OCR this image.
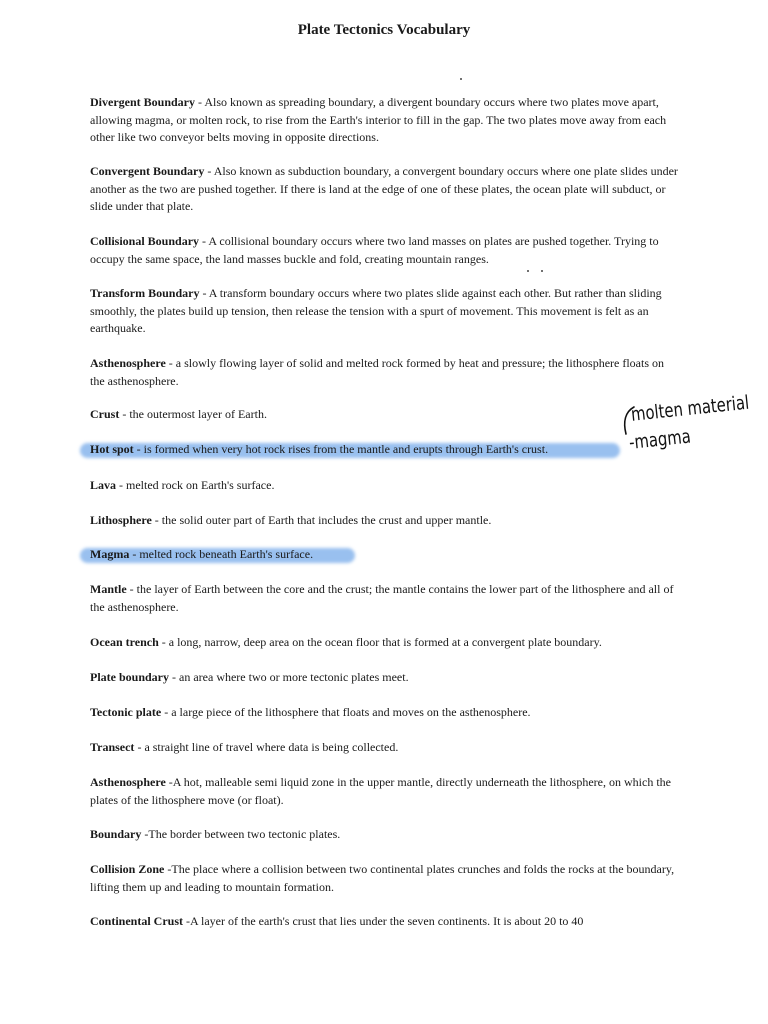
Plate Tectonics Vocabulary
Divergent Boundary - Also known as spreading boundary, a divergent boundary occurs where two plates move apart, allowing magma, or molten rock, to rise from the Earth's interior to fill in the gap. The two plates move away from each other like two conveyor belts moving in opposite directions.
Convergent Boundary - Also known as subduction boundary, a convergent boundary occurs where one plate slides under another as the two are pushed together. If there is land at the edge of one of these plates, the ocean plate will subduct, or slide under that plate.
Collisional Boundary - A collisional boundary occurs where two land masses on plates are pushed together. Trying to occupy the same space, the land masses buckle and fold, creating mountain ranges.
Transform Boundary - A transform boundary occurs where two plates slide against each other. But rather than sliding smoothly, the plates build up tension, then release the tension with a spurt of movement. This movement is felt as an earthquake.
Asthenosphere - a slowly flowing layer of solid and melted rock formed by heat and pressure; the lithosphere floats on the asthenosphere.
Crust - the outermost layer of Earth.
Hot spot - is formed when very hot rock rises from the mantle and erupts through Earth's crust.
Lava - melted rock on Earth's surface.
Lithosphere - the solid outer part of Earth that includes the crust and upper mantle.
Magma - melted rock beneath Earth's surface.
Mantle - the layer of Earth between the core and the crust; the mantle contains the lower part of the lithosphere and all of the asthenosphere.
Ocean trench - a long, narrow, deep area on the ocean floor that is formed at a convergent plate boundary.
Plate boundary - an area where two or more tectonic plates meet.
Tectonic plate - a large piece of the lithosphere that floats and moves on the asthenosphere.
Transect - a straight line of travel where data is being collected.
Asthenosphere -A hot, malleable semi liquid zone in the upper mantle, directly underneath the lithosphere, on which the plates of the lithosphere move (or float).
Boundary -The border between two tectonic plates.
Collision Zone -The place where a collision between two continental plates crunches and folds the rocks at the boundary, lifting them up and leading to mountain formation.
Continental Crust -A layer of the earth's crust that lies under the seven continents. It is about 20 to 40
molten material
-magma
